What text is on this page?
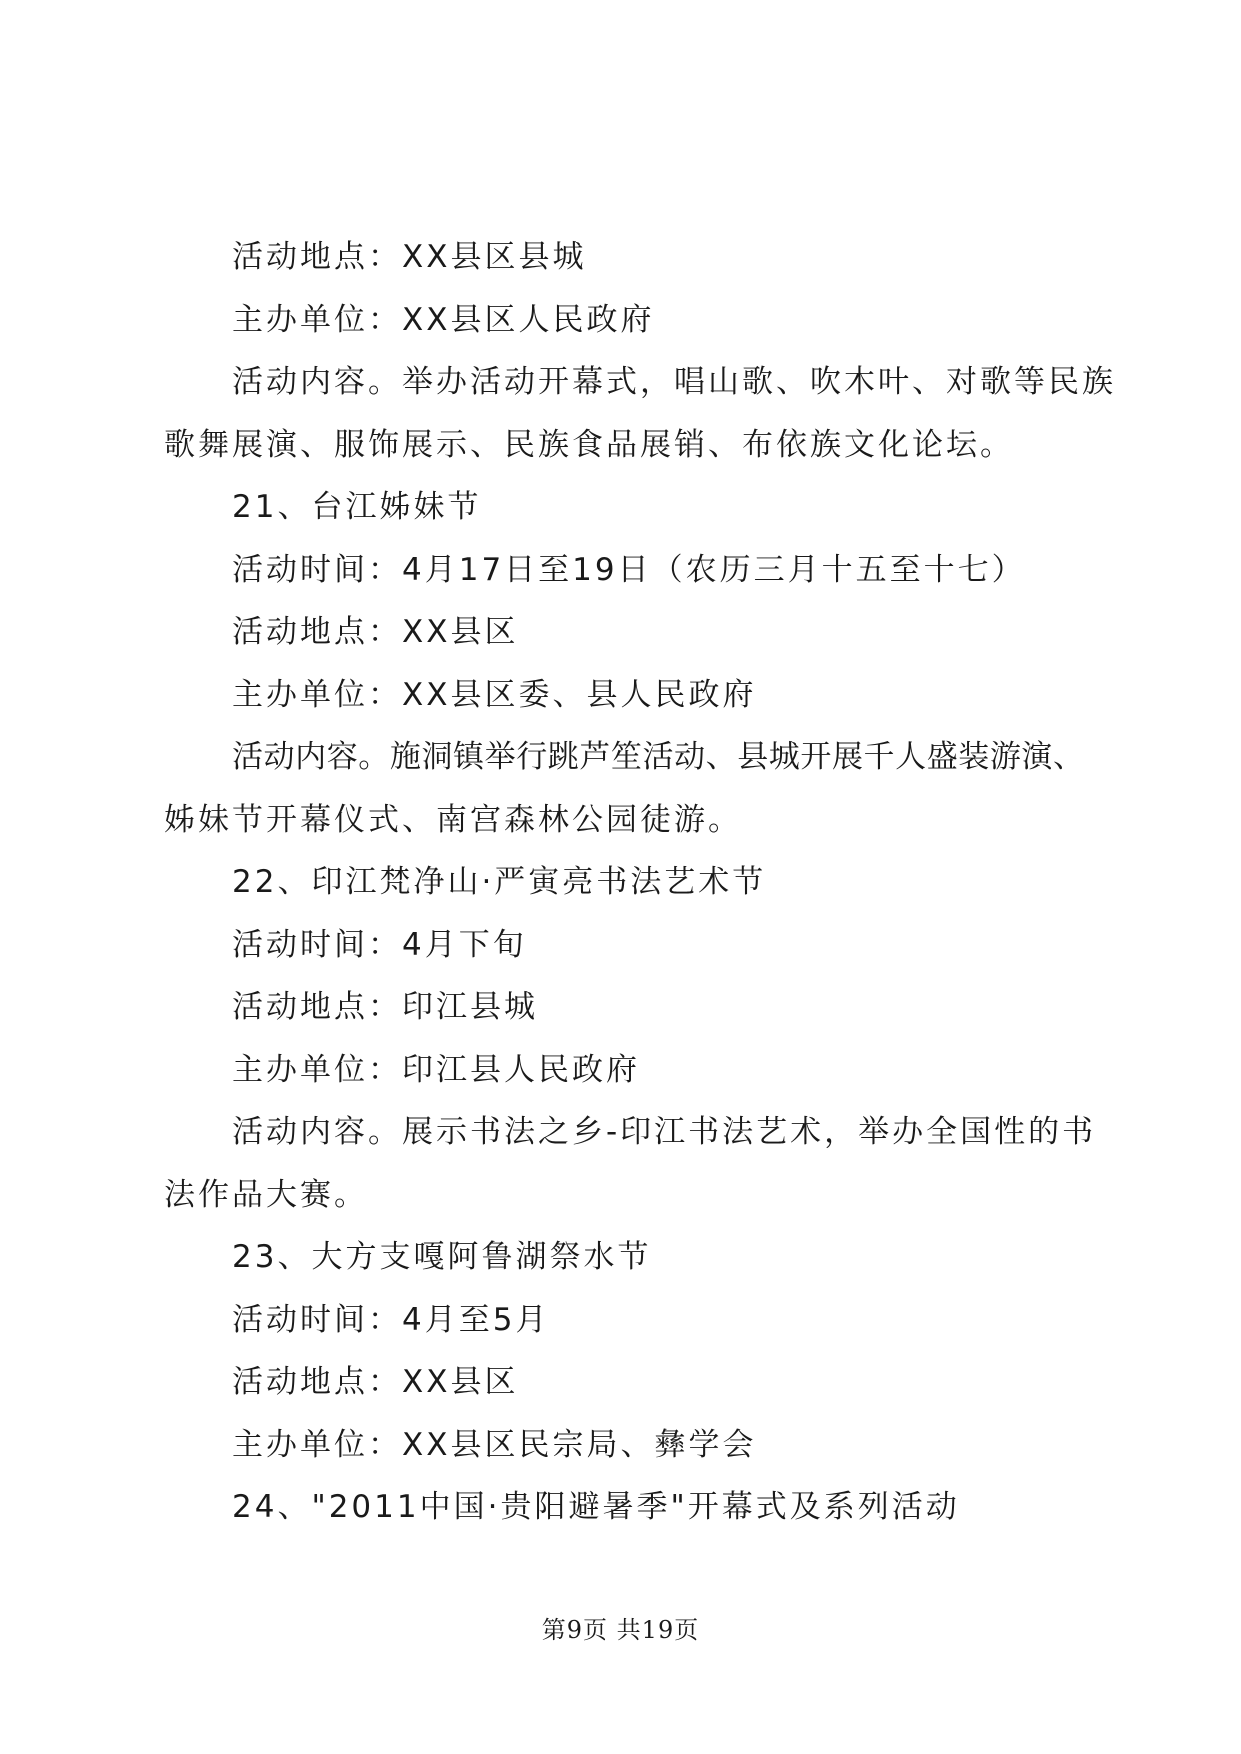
活动地点：XX县区县城
主办单位：XX县区人民政府
活动内容。举办活动开幕式，唱山歌、吹木叶、对歌等民族
歌舞展演、服饰展示、民族食品展销、布依族文化论坛。
21、台江姊妹节
活动时间：4月17日至19日（农历三月十五至十七）
活动地点：XX县区
主办单位：XX县区委、县人民政府
活动内容。施洞镇举行跳芦笙活动、县城开展千人盛装游演、
姊妹节开幕仪式、南宫森林公园徒游。
22、印江梵净山·严寅亮书法艺术节
活动时间：4月下旬
活动地点：印江县城
主办单位：印江县人民政府
活动内容。展示书法之乡-印江书法艺术，举办全国性的书
法作品大赛。
23、大方支嘎阿鲁湖祭水节
活动时间：4月至5月
活动地点：XX县区
主办单位：XX县区民宗局、彝学会
24、"2011中国·贵阳避暑季"开幕式及系列活动
第9页 共19页
